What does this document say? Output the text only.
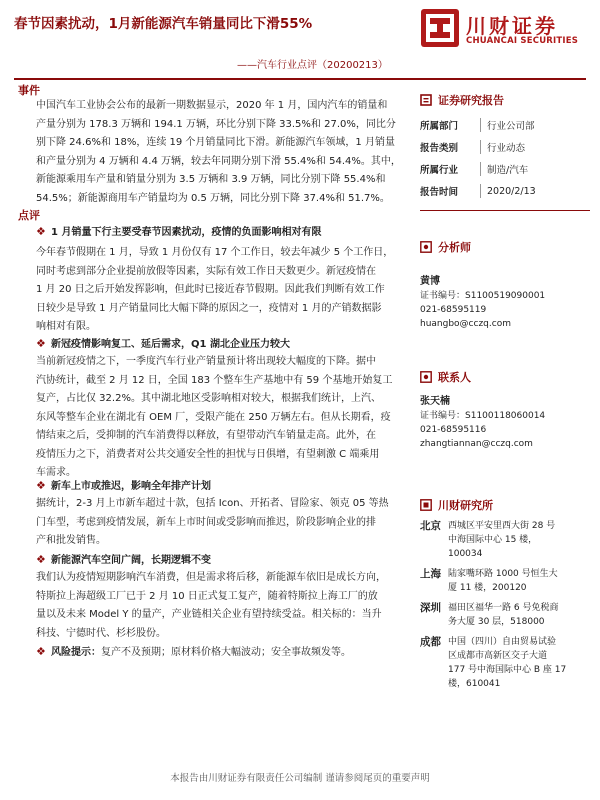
春节因素扰动，1月新能源汽车销量同比下滑55%
——汽车行业点评（20200213）
川财证券
CHUANCAI SECURITIES
事件
中国汽车工业协会公布的最新一期数据显示，2020 年 1 月，国内汽车的销量和
产量分别为 178.3 万辆和 194.1 万辆，环比分别下降 33.5%和 27.0%，同比分
别下降 24.6%和 18%，连续 19 个月销量同比下滑。新能源汽车领域，1 月销量
和产量分别为 4 万辆和 4.4 万辆，较去年同期分别下滑 55.4%和 54.4%。其中，
新能源乘用车产量和销量分别为 3.5 万辆和 3.9 万辆，同比分别下降 55.4%和
54.5%；新能源商用车产销量均为 0.5 万辆，同比分别下降 37.4%和 51.7%。
点评
❖ 1 月销量下行主要受春节因素扰动，疫情的负面影响相对有限
今年春节假期在 1 月，导致 1 月份仅有 17 个工作日，较去年减少 5 个工作日，
同时考虑到部分企业提前放假等因素，实际有效工作日天数更少。新冠疫情在
1 月 20 日之后开始发挥影响，但此时已接近春节假期。因此我们判断有效工作
日较少是导致 1 月产销量同比大幅下降的原因之一，疫情对 1 月的产销数据影
响相对有限。
❖ 新冠疫情影响复工、延后需求，Q1 湖北企业压力较大
当前新冠疫情之下，一季度汽车行业产销量预计将出现较大幅度的下降。据中
汽协统计，截至 2 月 12 日，全国 183 个整车生产基地中有 59 个基地开始复工
复产，占比仅 32.2%。其中湖北地区受影响相对较大，根据我们统计，上汽、
东风等整车企业在湖北有 OEM 厂，受限产能在 250 万辆左右。但从长期看，疫
情结束之后，受抑制的汽车消费得以释放，有望带动汽车销量走高。此外，在
疫情压力之下，消费者对公共交通安全性的担忧与日俱增，有望刺激 C 端乘用
车需求。
❖ 新车上市或推迟，影响全年排产计划
据统计，2-3 月上市新车超过十款，包括 Icon、开拓者、冒险家、领克 05 等热
门车型，考虑到疫情发展，新车上市时间或受影响而推迟，阶段影响企业的排
产和批发销售。
❖ 新能源汽车空间广阔，长期逻辑不变
我们认为疫情短期影响汽车消费，但是需求将后移，新能源车依旧是成长方向，
特斯拉上海超级工厂已于 2 月 10 日正式复工复产，随着特斯拉上海工厂的放
量以及未来 Model Y 的量产，产业链相关企业有望持续受益。相关标的：当升
科技、宁德时代、杉杉股份。
❖ 风险提示：复产不及预期；原材料价格大幅波动；安全事故频发等。
证券研究报告
所属部门	行业公司部
报告类别	行业动态
所属行业	制造/汽车
报告时间	2020/2/13
分析师
黄博
证书编号：S1100519090001
021-68595119
huangbo@cczq.com
联系人
张天楠
证书编号：S1100118060014
021-68595116
zhangtiannan@cczq.com
川财研究所
北京 西城区平安里西大街 28 号
中海国际中心 15 楼，
100034
上海 陆家嘴环路 1000 号恒生大
厦 11 楼，200120
深圳 福田区福华一路 6 号免税商
务大厦 30 层，518000
成都 中国（四川）自由贸易试验
区成都市高新区交子大道
177 号中海国际中心 B 座 17
楼，610041
本报告由川财证券有限责任公司编制 谨请参阅尾页的重要声明
